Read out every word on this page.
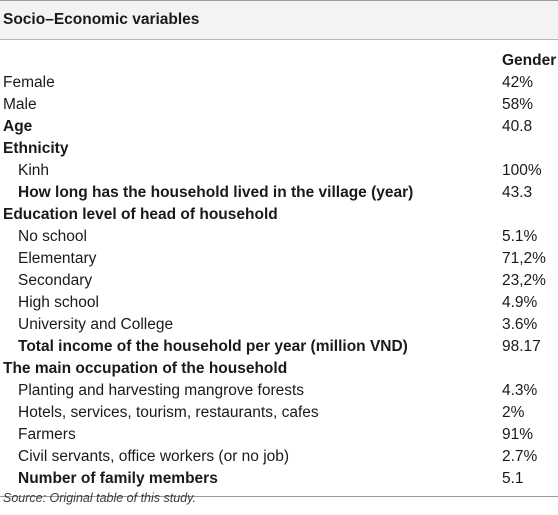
Socio–Economic variables
Gender
Female	42%
Male	58%
Age	40.8
Ethnicity
Kinh	100%
How long has the household lived in the village (year)	43.3
Education level of head of household
No school	5.1%
Elementary	71,2%
Secondary	23,2%
High school	4.9%
University and College	3.6%
Total income of the household per year (million VND)	98.17
The main occupation of the household
Planting and harvesting mangrove forests	4.3%
Hotels, services, tourism, restaurants, cafes	2%
Farmers	91%
Civil servants, office workers (or no job)	2.7%
Number of family members	5.1
Source: Original table of this study.
